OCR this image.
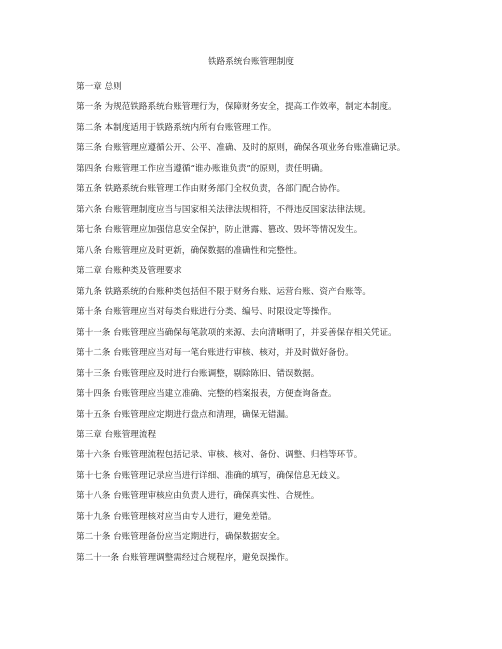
铁路系统台账管理制度
第一章 总则
第一条 为规范铁路系统台账管理行为，保障财务安全，提高工作效率，制定本制度。
第二条 本制度适用于铁路系统内所有台账管理工作。
第三条 台账管理应遵循公开、公平、准确、及时的原则，确保各项业务台账准确记录。
第四条 台账管理工作应当遵循“谁办账谁负责”的原则，责任明确。
第五条 铁路系统台账管理工作由财务部门全权负责，各部门配合协作。
第六条 台账管理制度应当与国家相关法律法规相符，不得违反国家法律法规。
第七条 台账管理应加强信息安全保护，防止泄露、篡改、毁坏等情况发生。
第八条 台账管理应及时更新，确保数据的准确性和完整性。
第二章 台账种类及管理要求
第九条 铁路系统的台账种类包括但不限于财务台账、运营台账、资产台账等。
第十条 台账管理应当对每类台账进行分类、编号、时限设定等操作。
第十一条 台账管理应当确保每笔款项的来源、去向清晰明了，并妥善保存相关凭证。
第十二条 台账管理应当对每一笔台账进行审核、核对，并及时做好备份。
第十三条 台账管理应及时进行台账调整，剔除陈旧、错误数据。
第十四条 台账管理应当建立准确、完整的档案报表，方便查询备查。
第十五条 台账管理应定期进行盘点和清理，确保无错漏。
第三章 台账管理流程
第十六条 台账管理流程包括记录、审核、核对、备份、调整、归档等环节。
第十七条 台账管理记录应当进行详细、准确的填写，确保信息无歧义。
第十八条 台账管理审核应由负责人进行，确保真实性、合规性。
第十九条 台账管理核对应当由专人进行，避免差错。
第二十条 台账管理备份应当定期进行，确保数据安全。
第二十一条 台账管理调整需经过合规程序，避免误操作。
